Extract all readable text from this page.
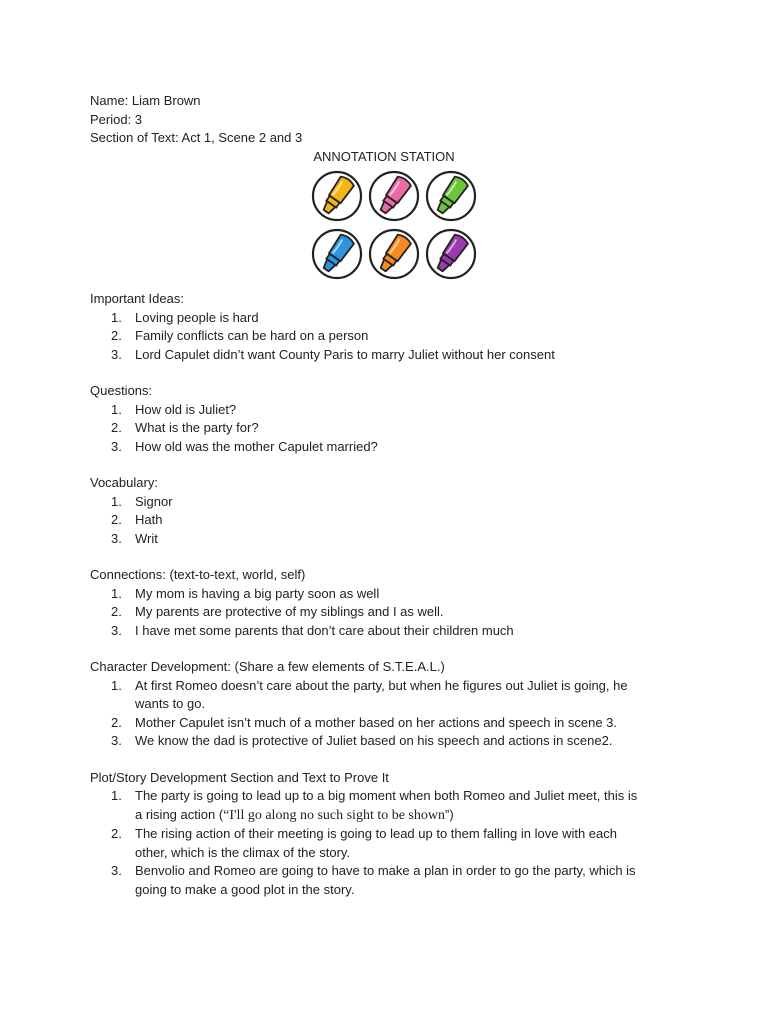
Name: Liam Brown
Period: 3
Section of Text: Act 1, Scene 2 and 3
ANNOTATION STATION
Important Ideas:
1. Loving people is hard
2. Family conflicts can be hard on a person
3. Lord Capulet didn’t want County Paris to marry Juliet without her consent
Questions:
1. How old is Juliet?
2. What is the party for?
3. How old was the mother Capulet married?
Vocabulary:
1. Signor
2. Hath
3. Writ
Connections: (text-to-text, world, self)
1. My mom is having a big party soon as well
2. My parents are protective of my siblings and I as well.
3. I have met some parents that don’t care about their children much
Character Development: (Share a few elements of S.T.E.A.L.)
1. At first Romeo doesn’t care about the party, but when he figures out Juliet is going, he
wants to go.
2. Mother Capulet isn’t much of a mother based on her actions and speech in scene 3.
3. We know the dad is protective of Juliet based on his speech and actions in scene2.
Plot/Story Development Section and Text to Prove It
1. The party is going to lead up to a big moment when both Romeo and Juliet meet, this is
a rising action (“I'll go along no such sight to be shown”)
2. The rising action of their meeting is going to lead up to them falling in love with each
other, which is the climax of the story.
3. Benvolio and Romeo are going to have to make a plan in order to go the party, which is
going to make a good plot in the story.
